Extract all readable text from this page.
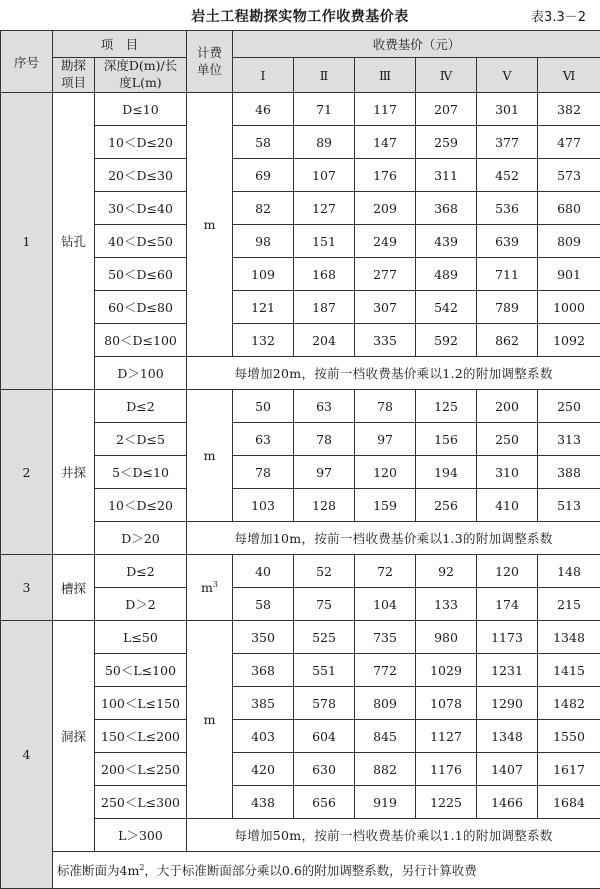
岩土工程勘探实物工作收费基价表	表3.3－2
序号	项　目		计费单位	收费基价（元）					
	勘探项目	深度D(m)/长度L(m)							
				Ⅰ	Ⅱ	Ⅲ	Ⅳ	Ⅴ	Ⅵ
1	钻孔	D≤10	m	46	71	117	207	301	382
		10＜D≤20		58	89	147	259	377	477
		20＜D≤30		69	107	176	311	452	573
		30＜D≤40		82	127	209	368	536	680
		40＜D≤50		98	151	249	439	639	809
		50＜D≤60		109	168	277	489	711	901
		60＜D≤80		121	187	307	542	789	1000
		80＜D≤100		132	204	335	592	862	1092
		D＞100	每增加20m，按前一档收费基价乘以1.2的附加调整系数						
2	井探	D≤2	m	50	63	78	125	200	250
		2＜D≤5		63	78	97	156	250	313
		5＜D≤10		78	97	120	194	310	388
		10＜D≤20		103	128	159	256	410	513
		D＞20	每增加10m，按前一档收费基价乘以1.3的附加调整系数						
3	槽探	D≤2	$m^3$	40	52	72	92	120	148
		D＞2		58	75	104	133	174	215
4	洞探	L≤50	m	350	525	735	980	1173	1348
		50＜L≤100		368	551	772	1029	1231	1415
		100＜L≤150		385	578	809	1078	1290	1482
		150＜L≤200		403	604	845	1127	1348	1550
		200＜L≤250		420	630	882	1176	1407	1617
		250＜L≤300		438	656	919	1225	1466	1684
		L＞300	每增加50m，按前一档收费基价乘以1.1的附加调整系数						
	标准断面为$4m^2$，大于标准断面部分乘以0.6的附加调整系数，另行计算收费								
